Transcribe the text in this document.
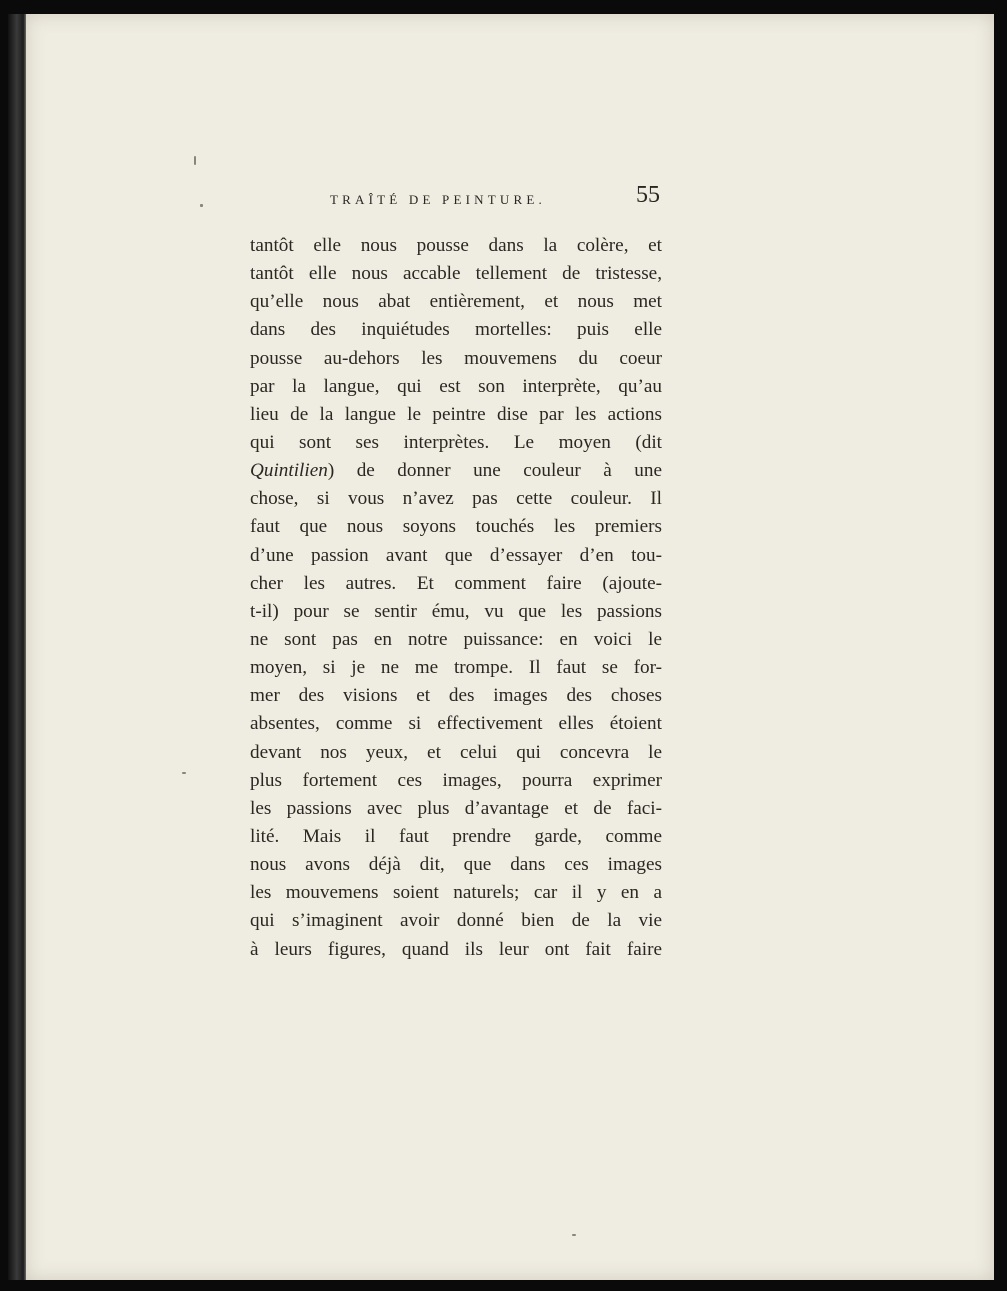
TRAÎTÉ DE PEINTURE.	55
tantôt elle nous pousse dans la colère, et
tantôt elle nous accable tellement de tristesse,
qu’elle nous abat entièrement, et nous met
dans des inquiétudes mortelles: puis elle
pousse au-dehors les mouvemens du coeur
par la langue, qui est son interprète, qu’au
lieu de la langue le peintre dise par les actions
qui sont ses interprètes. Le moyen (dit
Quintilien) de donner une couleur à une
chose, si vous n’avez pas cette couleur. Il
faut que nous soyons touchés les premiers
d’une passion avant que d’essayer d’en tou-
cher les autres. Et comment faire (ajoute-
t-il) pour se sentir ému, vu que les passions
ne sont pas en notre puissance: en voici le
moyen, si je ne me trompe. Il faut se for-
mer des visions et des images des choses
absentes, comme si effectivement elles étoient
devant nos yeux, et celui qui concevra le
plus fortement ces images, pourra exprimer
les passions avec plus d’avantage et de faci-
lité. Mais il faut prendre garde, comme
nous avons déjà dit, que dans ces images
les mouvemens soient naturels; car il y en a
qui s’imaginent avoir donné bien de la vie
à leurs figures, quand ils leur ont fait faire
